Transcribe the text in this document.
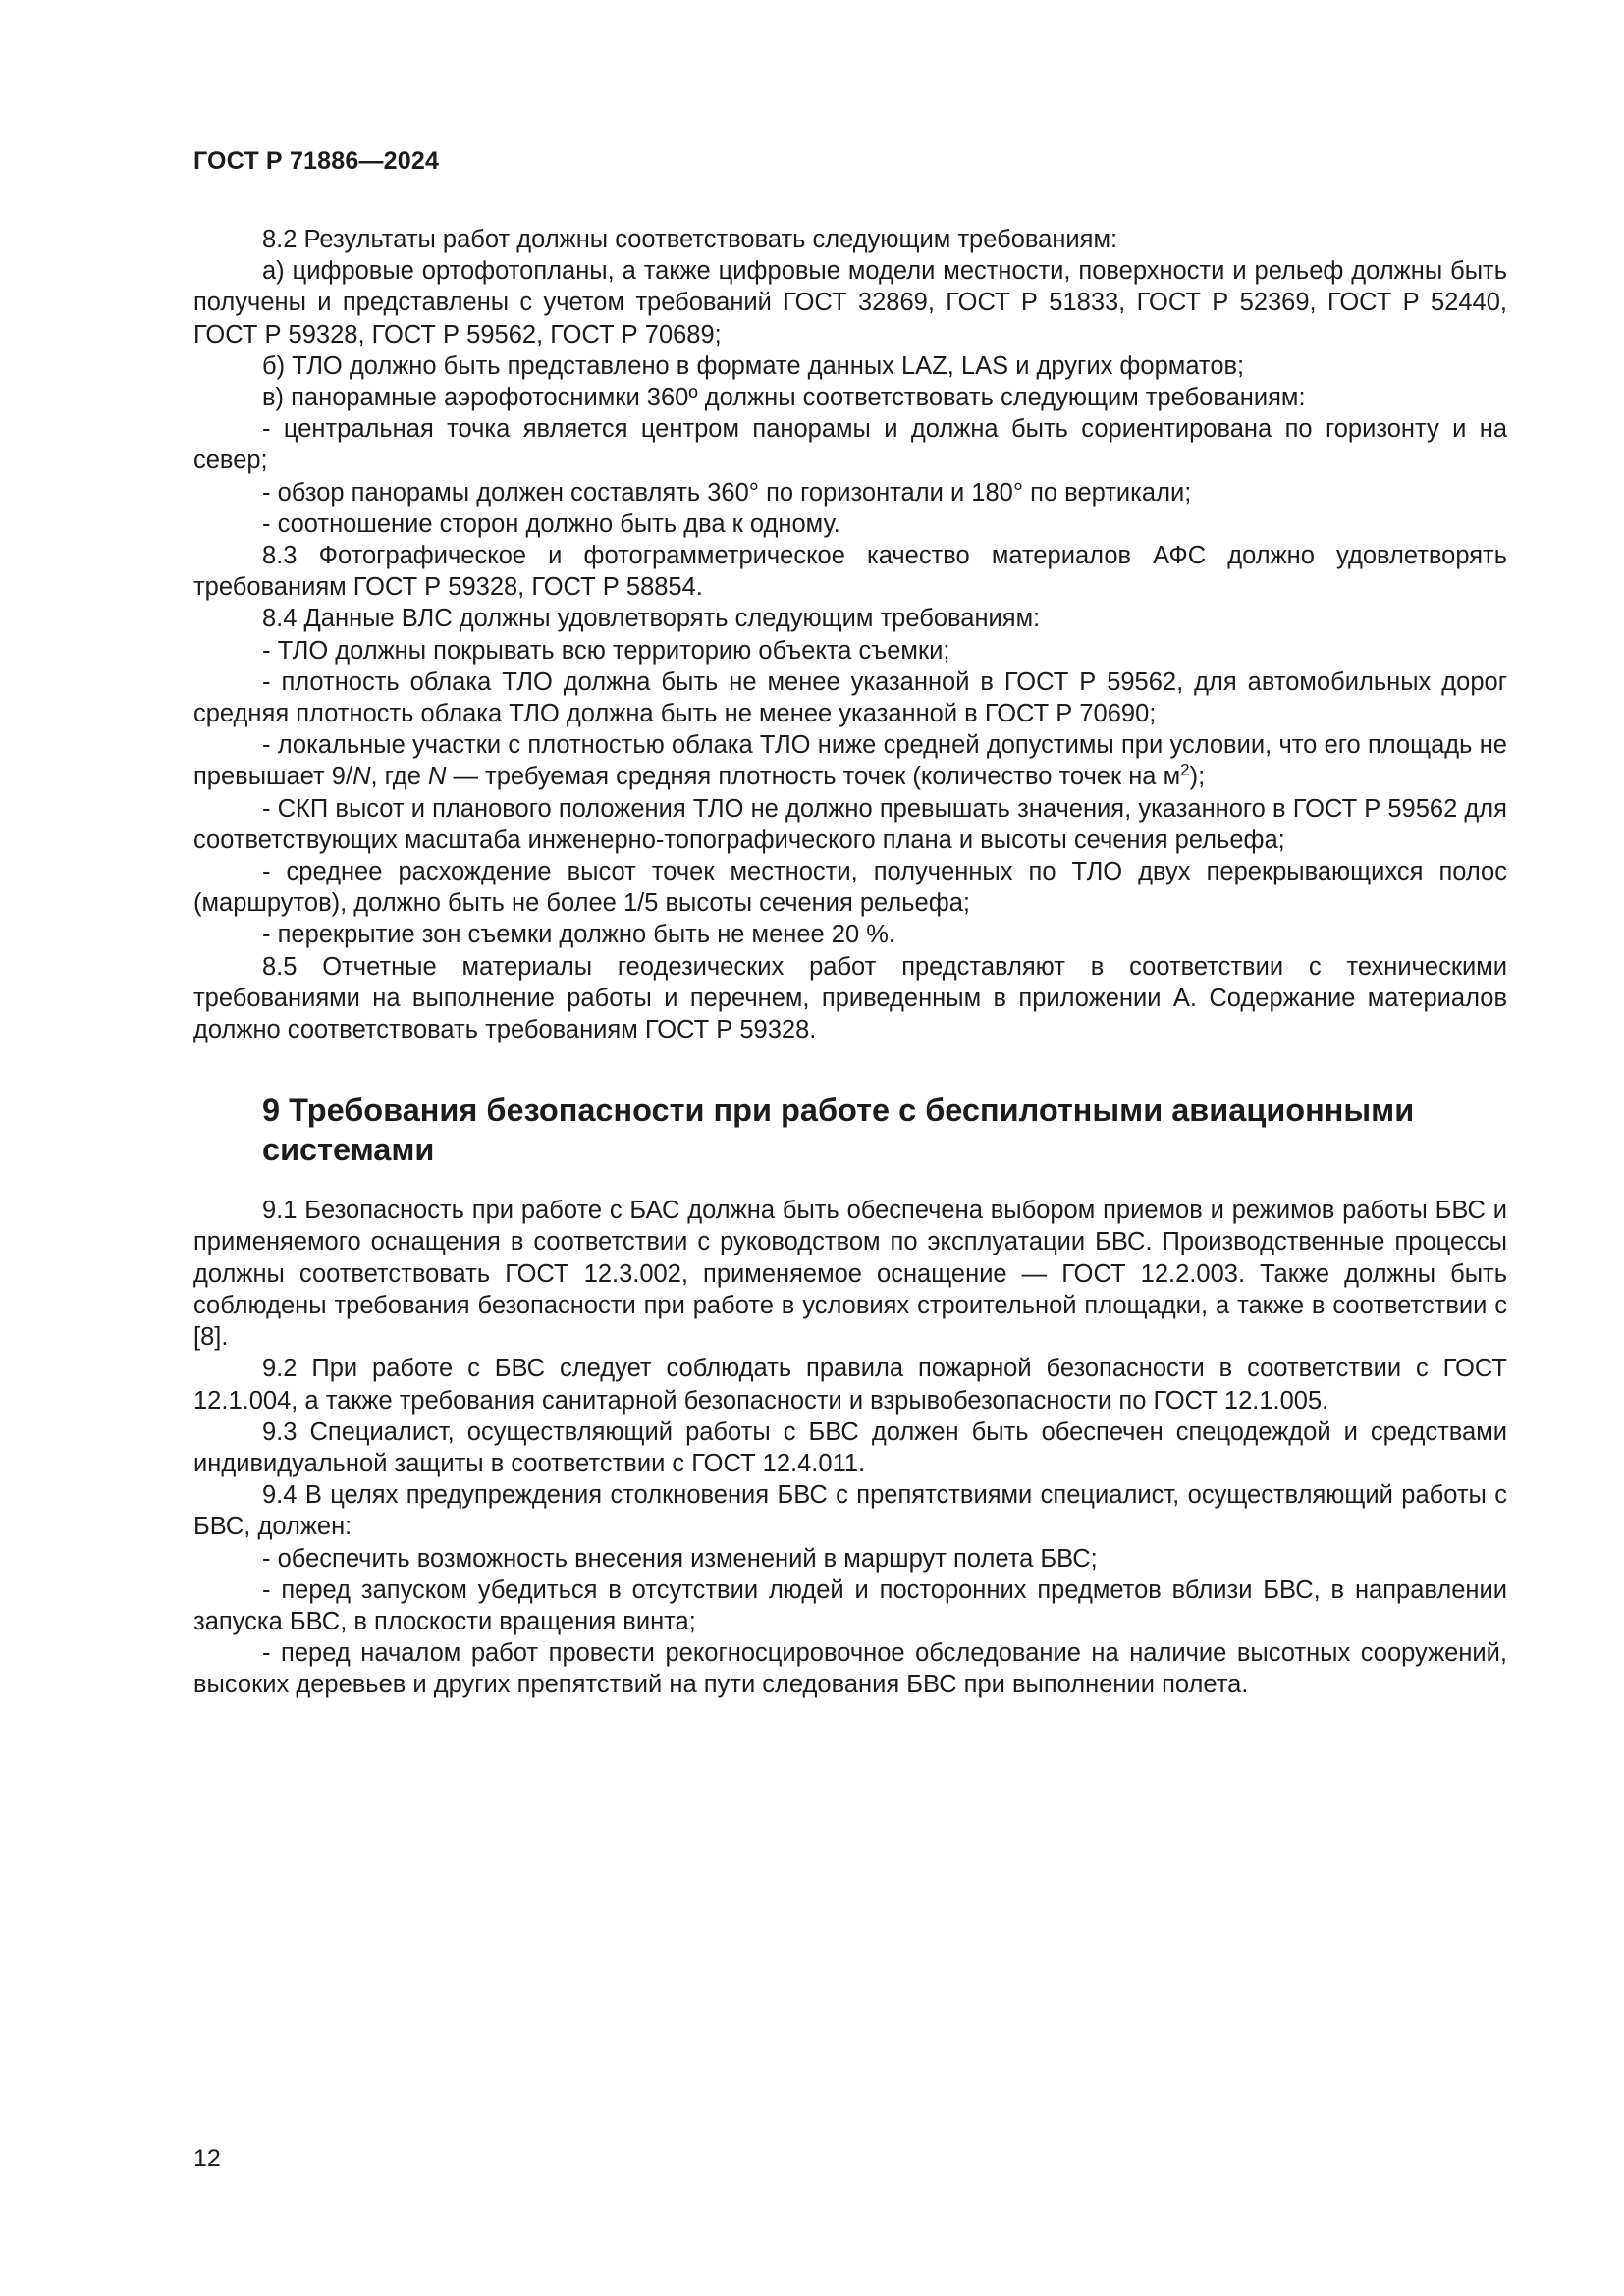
ГОСТ Р 71886—2024

8.2 Результаты работ должны соответствовать следующим требованиям:

а) цифровые ортофотопланы, а также цифровые модели местности, поверхности и рельеф должны быть получены и представлены с учетом требований ГОСТ 32869, ГОСТ Р 51833, ГОСТ Р 52369, ГОСТ Р 52440, ГОСТ Р 59328, ГОСТ Р 59562, ГОСТ Р 70689;

б) ТЛО должно быть представлено в формате данных LAZ, LAS и других форматов;

в) панорамные аэрофотоснимки 360º должны соответствовать следующим требованиям:

- центральная точка является центром панорамы и должна быть сориентирована по горизонту и на север;

- обзор панорамы должен составлять 360° по горизонтали и 180° по вертикали;

- соотношение сторон должно быть два к одному.

8.3 Фотографическое и фотограмметрическое качество материалов АФС должно удовлетворять требованиям ГОСТ Р 59328, ГОСТ Р 58854.

8.4 Данные ВЛС должны удовлетворять следующим требованиям:

- ТЛО должны покрывать всю территорию объекта съемки;

- плотность облака ТЛО должна быть не менее указанной в ГОСТ Р 59562, для автомобильных дорог средняя плотность облака ТЛО должна быть не менее указанной в ГОСТ Р 70690;

- локальные участки с плотностью облака ТЛО ниже средней допустимы при условии, что его площадь не превышает 9/N, где N — требуемая средняя плотность точек (количество точек на $м^2$);

- СКП высот и планового положения ТЛО не должно превышать значения, указанного в ГОСТ Р 59562 для соответствующих масштаба инженерно-топографического плана и высоты сечения рельефа;

- среднее расхождение высот точек местности, полученных по ТЛО двух перекрывающихся полос (маршрутов), должно быть не более 1/5 высоты сечения рельефа;

- перекрытие зон съемки должно быть не менее 20 %.

8.5 Отчетные материалы геодезических работ представляют в соответствии с техническими требованиями на выполнение работы и перечнем, приведенным в приложении А. Содержание материалов должно соответствовать требованиям ГОСТ Р 59328.

9 Требования безопасности при работе с беспилотными авиационными системами

9.1 Безопасность при работе с БАС должна быть обеспечена выбором приемов и режимов работы БВС и применяемого оснащения в соответствии с руководством по эксплуатации БВС. Производственные процессы должны соответствовать ГОСТ 12.3.002, применяемое оснащение — ГОСТ 12.2.003. Также должны быть соблюдены требования безопасности при работе в условиях строительной площадки, а также в соответствии с [8].

9.2 При работе с БВС следует соблюдать правила пожарной безопасности в соответствии с ГОСТ 12.1.004, а также требования санитарной безопасности и взрывобезопасности по ГОСТ 12.1.005.

9.3 Специалист, осуществляющий работы с БВС должен быть обеспечен спецодеждой и средствами индивидуальной защиты в соответствии с ГОСТ 12.4.011.

9.4 В целях предупреждения столкновения БВС с препятствиями специалист, осуществляющий работы с БВС, должен:

- обеспечить возможность внесения изменений в маршрут полета БВС;

- перед запуском убедиться в отсутствии людей и посторонних предметов вблизи БВС, в направлении запуска БВС, в плоскости вращения винта;

- перед началом работ провести рекогносцировочное обследование на наличие высотных сооружений, высоких деревьев и других препятствий на пути следования БВС при выполнении полета.

12
